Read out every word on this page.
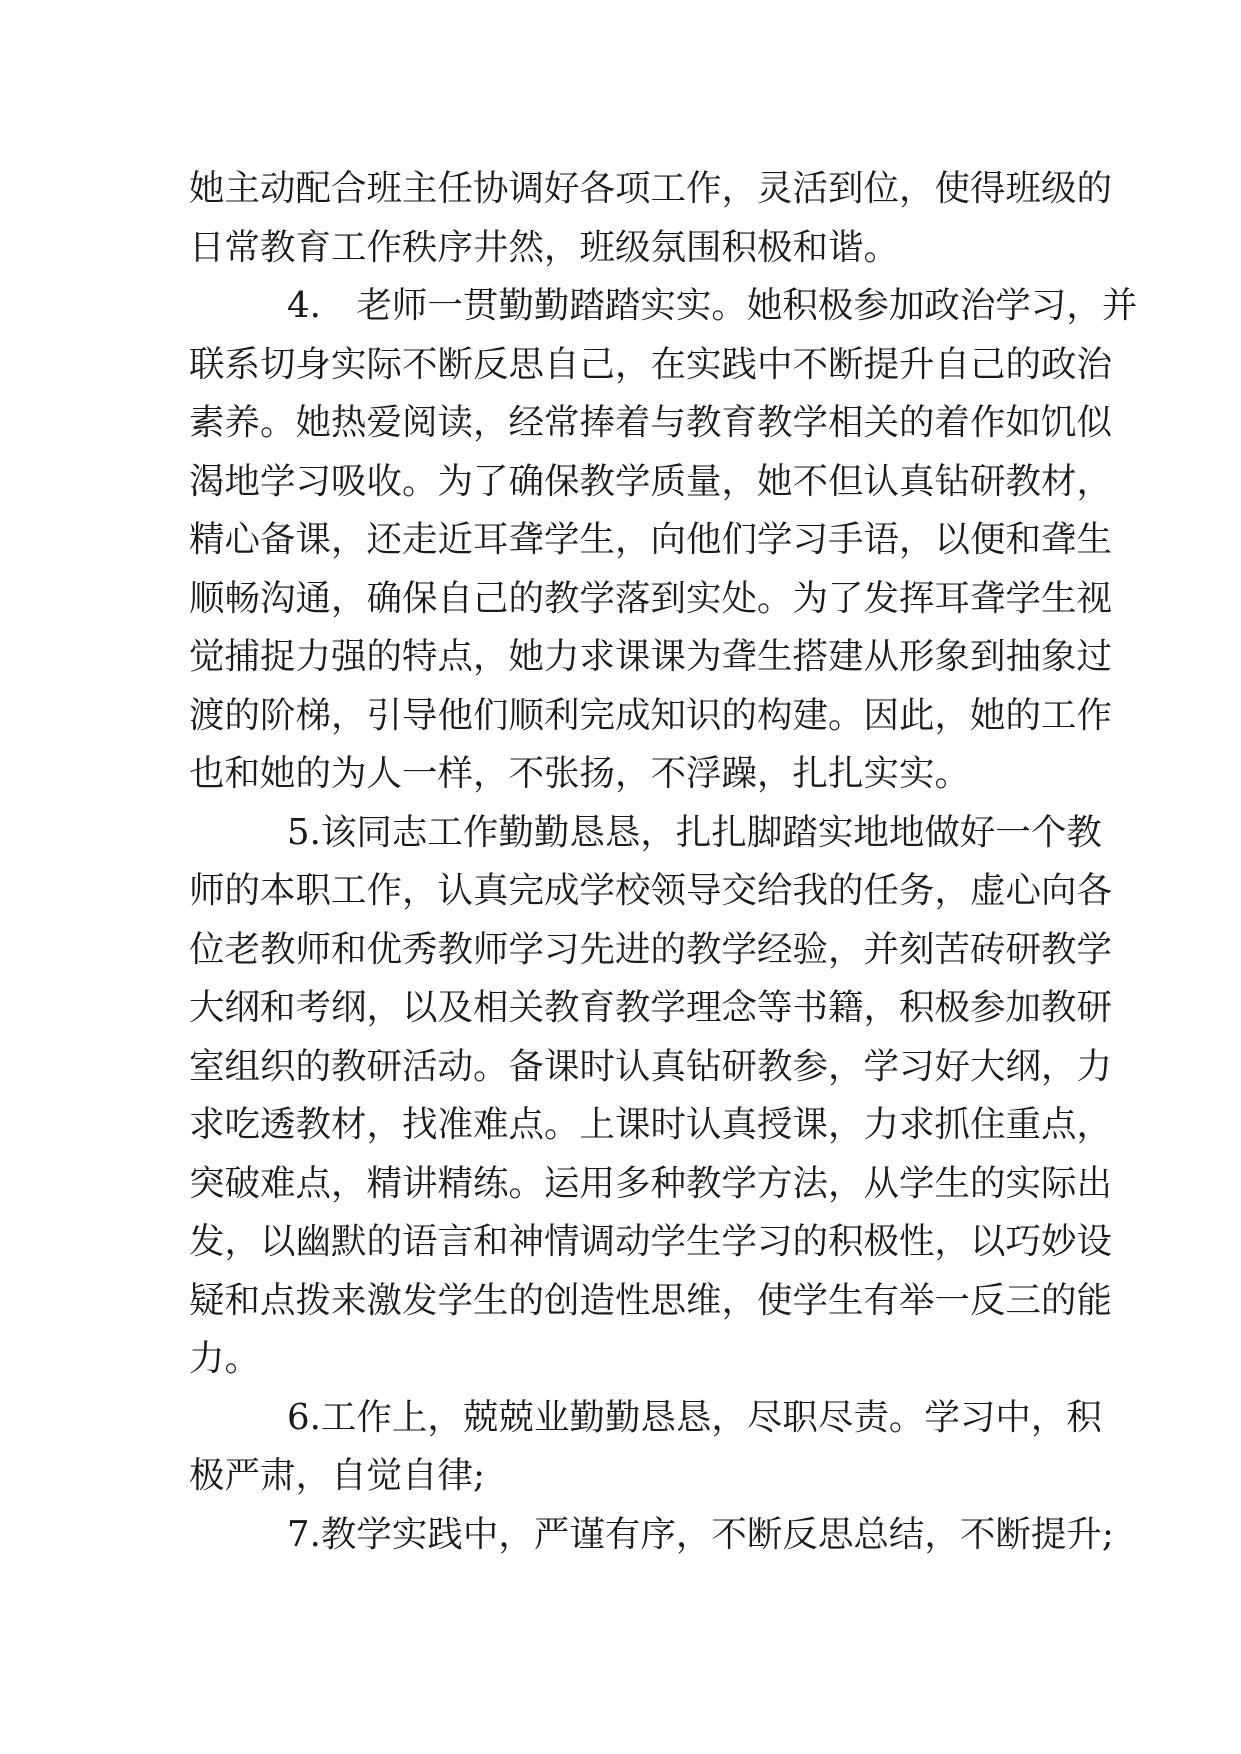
她主动配合班主任协调好各项工作，灵活到位，使得班级的
日常教育工作秩序井然，班级氛围积极和谐。
4.　老师一贯勤勤踏踏实实。她积极参加政治学习，并
联系切身实际不断反思自己，在实践中不断提升自己的政治
素养。她热爱阅读，经常捧着与教育教学相关的着作如饥似
渴地学习吸收。为了确保教学质量，她不但认真钻研教材，
精心备课，还走近耳聋学生，向他们学习手语，以便和聋生
顺畅沟通，确保自己的教学落到实处。为了发挥耳聋学生视
觉捕捉力强的特点，她力求课课为聋生搭建从形象到抽象过
渡的阶梯，引导他们顺利完成知识的构建。因此，她的工作
也和她的为人一样，不张扬，不浮躁，扎扎实实。
5.该同志工作勤勤恳恳，扎扎脚踏实地地做好一个教
师的本职工作，认真完成学校领导交给我的任务，虚心向各
位老教师和优秀教师学习先进的教学经验，并刻苦砖研教学
大纲和考纲，以及相关教育教学理念等书籍，积极参加教研
室组织的教研活动。备课时认真钻研教参，学习好大纲，力
求吃透教材，找准难点。上课时认真授课，力求抓住重点，
突破难点，精讲精练。运用多种教学方法，从学生的实际出
发，以幽默的语言和神情调动学生学习的积极性，以巧妙设
疑和点拨来激发学生的创造性思维，使学生有举一反三的能
力。
6.工作上，兢兢业勤勤恳恳，尽职尽责。学习中，积
极严肃，自觉自律;
7.教学实践中，严谨有序，不断反思总结，不断提升;
